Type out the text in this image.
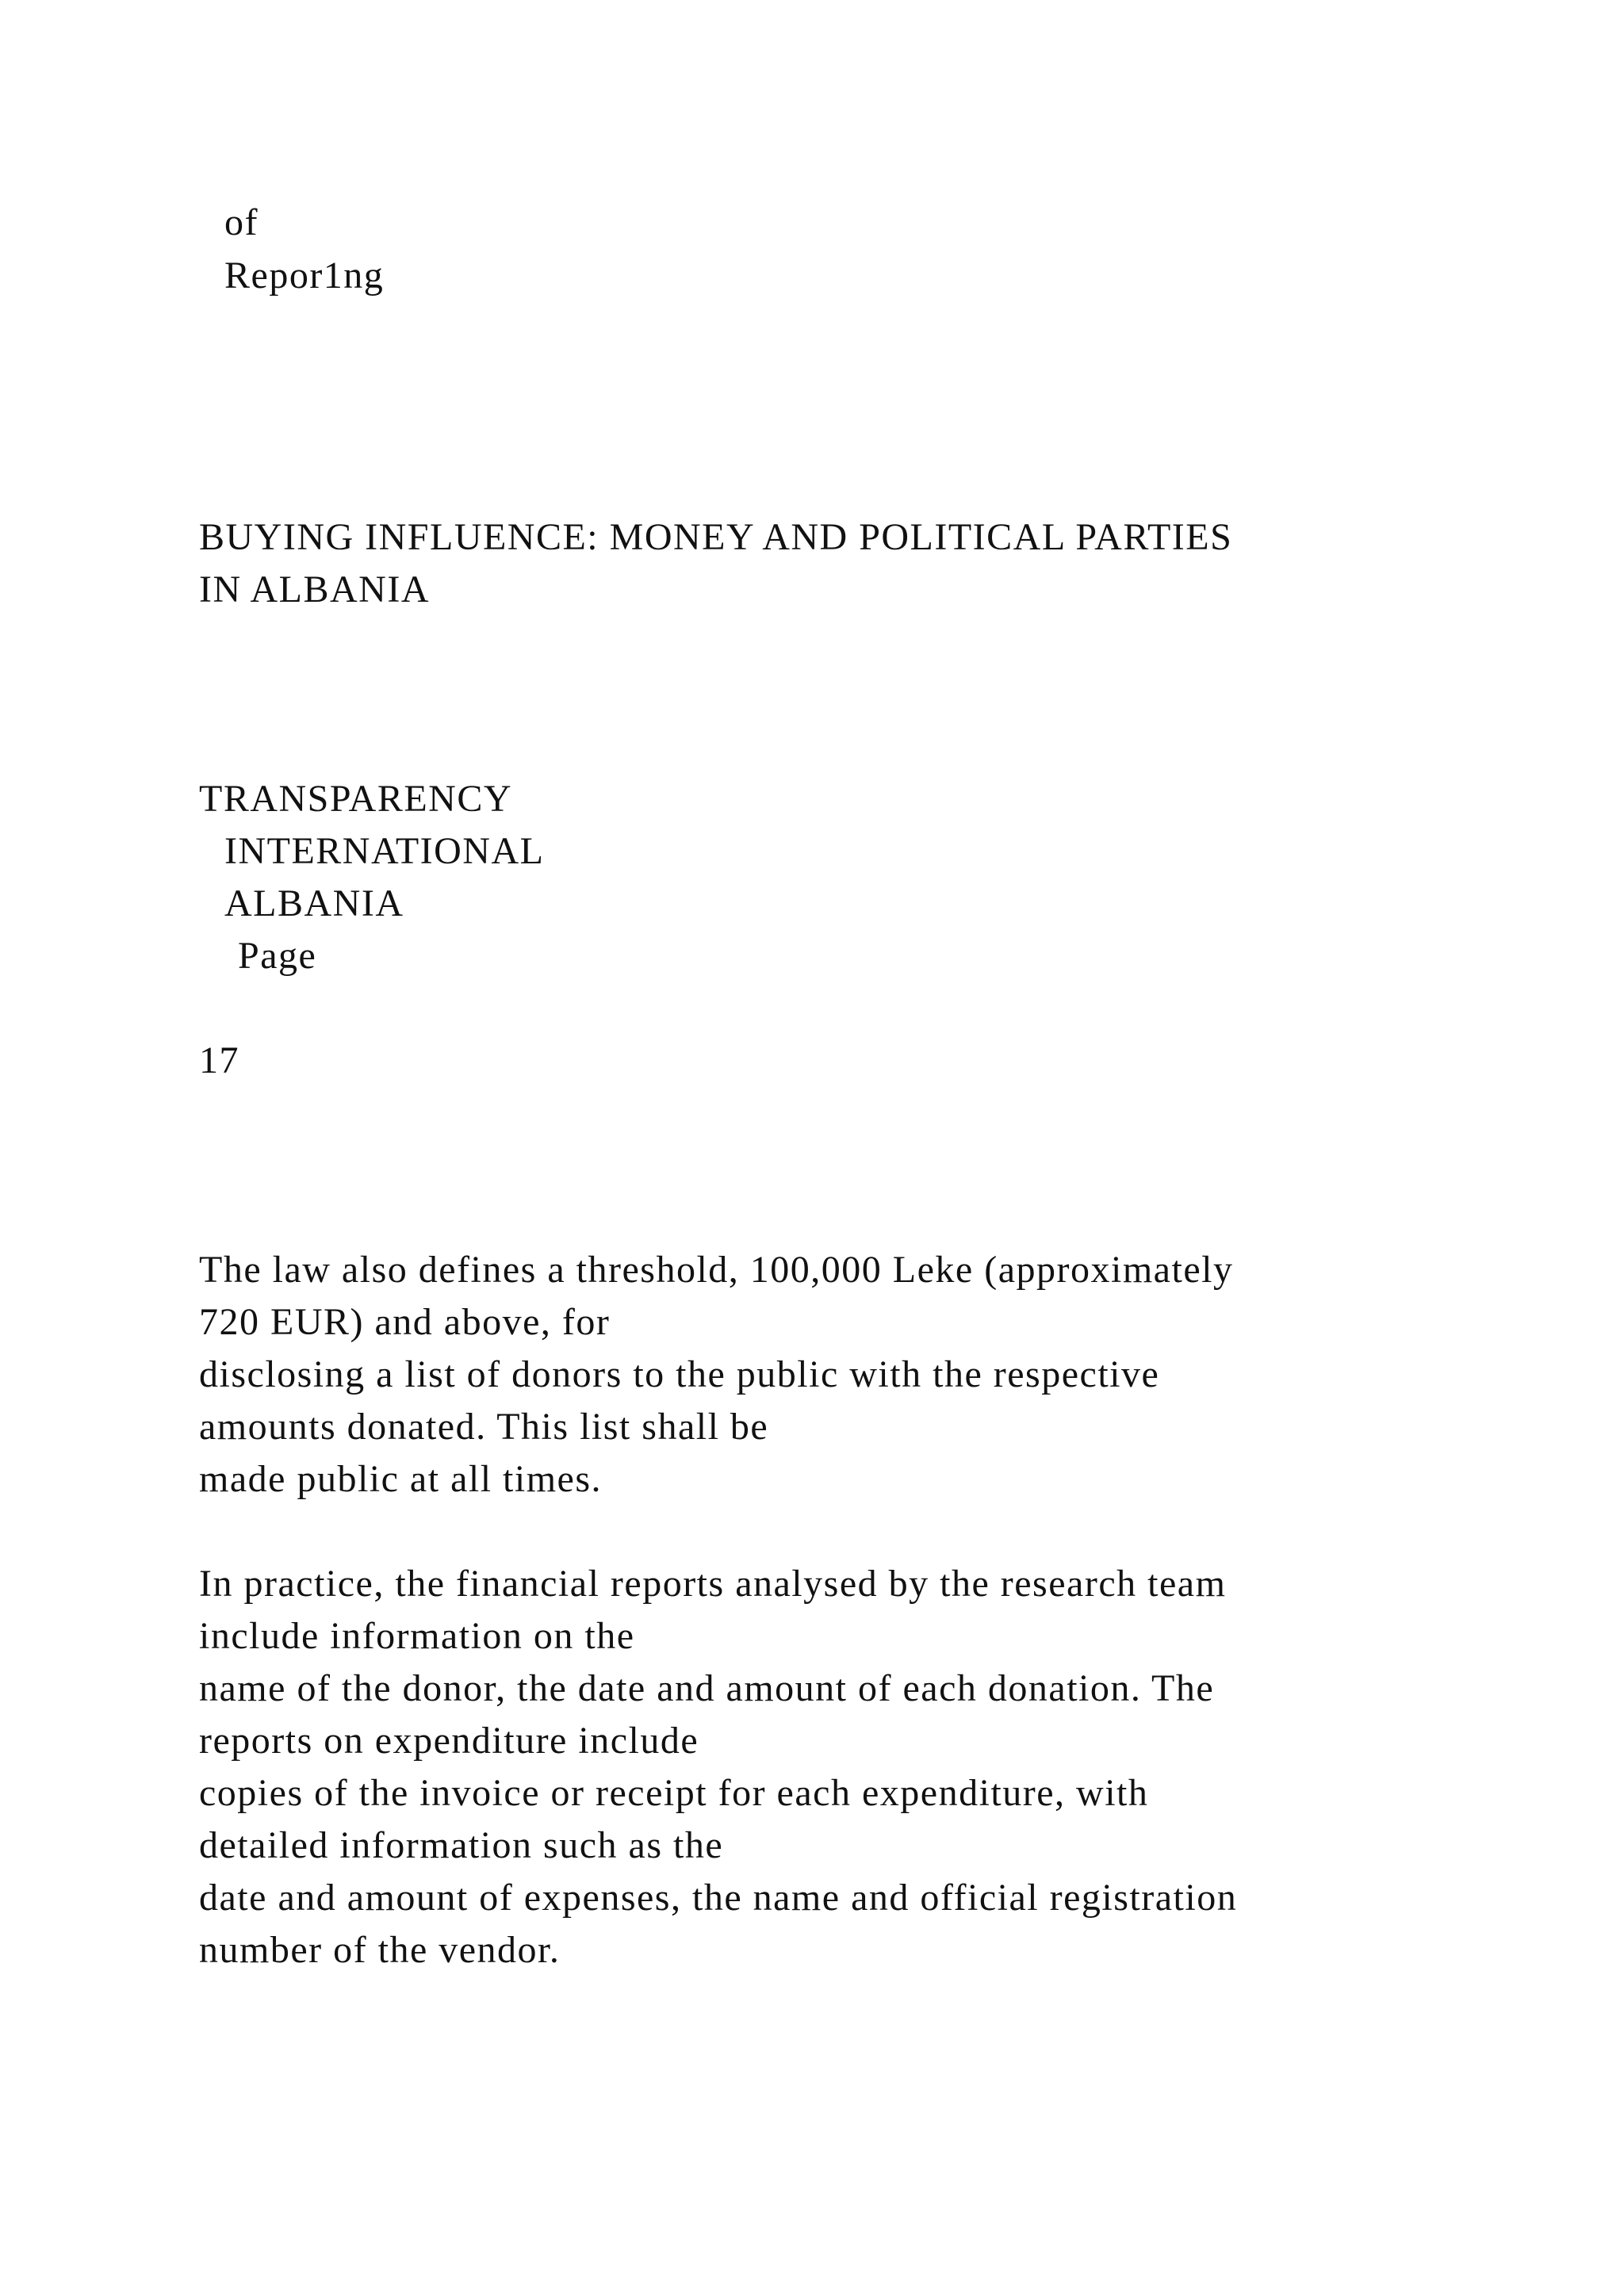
of
Repor1ng
BUYING INFLUENCE: MONEY AND POLITICAL PARTIES
IN ALBANIA
TRANSPARENCY
INTERNATIONAL
ALBANIA
Page
17
The law also defines a threshold, 100,000 Leke (approximately
720 EUR) and above, for
disclosing a list of donors to the public with the respective
amounts donated. This list shall be
made public at all times.
In practice, the financial reports analysed by the research team
include information on the
name of the donor, the date and amount of each donation. The
reports on expenditure include
copies of the invoice or receipt for each expenditure, with
detailed information such as the
date and amount of expenses, the name and official registration
number of the vendor.
